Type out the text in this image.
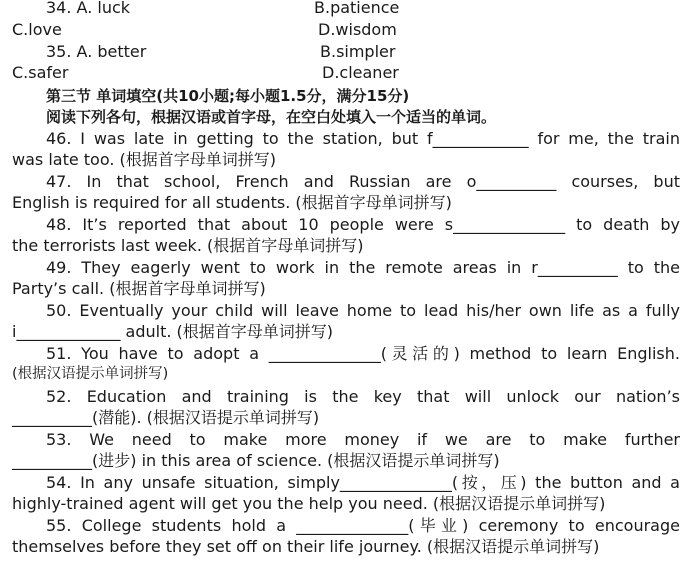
34. A. luck	B.patience
C.love	D.wisdom
35. A. better	B.simpler
C.safer	D.cleaner
第三节 单词填空(共10小题;每小题1.5分，满分15分)
阅读下列各句，根据汉语或首字母，在空白处填入一个适当的单词。
46. I was late in getting to the station, but f____________ for me, the train
was late too. (根据首字母单词拼写)
47. In that school, French and Russian are o__________ courses, but
English is required for all students. (根据首字母单词拼写)
48. It’s reported that about 10 people were s______________ to death by
the terrorists last week. (根据首字母单词拼写)
49. They eagerly went to work in the remote areas in r__________ to the
Party’s call. (根据首字母单词拼写)
50. Eventually your child will leave home to lead his/her own life as a fully
i_____________ adult. (根据首字母单词拼写)
51. You have to adopt a ______________(灵活的) method to learn English.
(根据汉语提示单词拼写)
52. Education and training is the key that will unlock our nation’s
__________(潜能). (根据汉语提示单词拼写)
53. We need to make more money if we are to make further
__________(进步) in this area of science. (根据汉语提示单词拼写)
54. In any unsafe situation, simply______________(按，压) the button and a
highly-trained agent will get you the help you need. (根据汉语提示单词拼写)
55. College students hold a ______________(毕业) ceremony to encourage
themselves before they set off on their life journey. (根据汉语提示单词拼写)
